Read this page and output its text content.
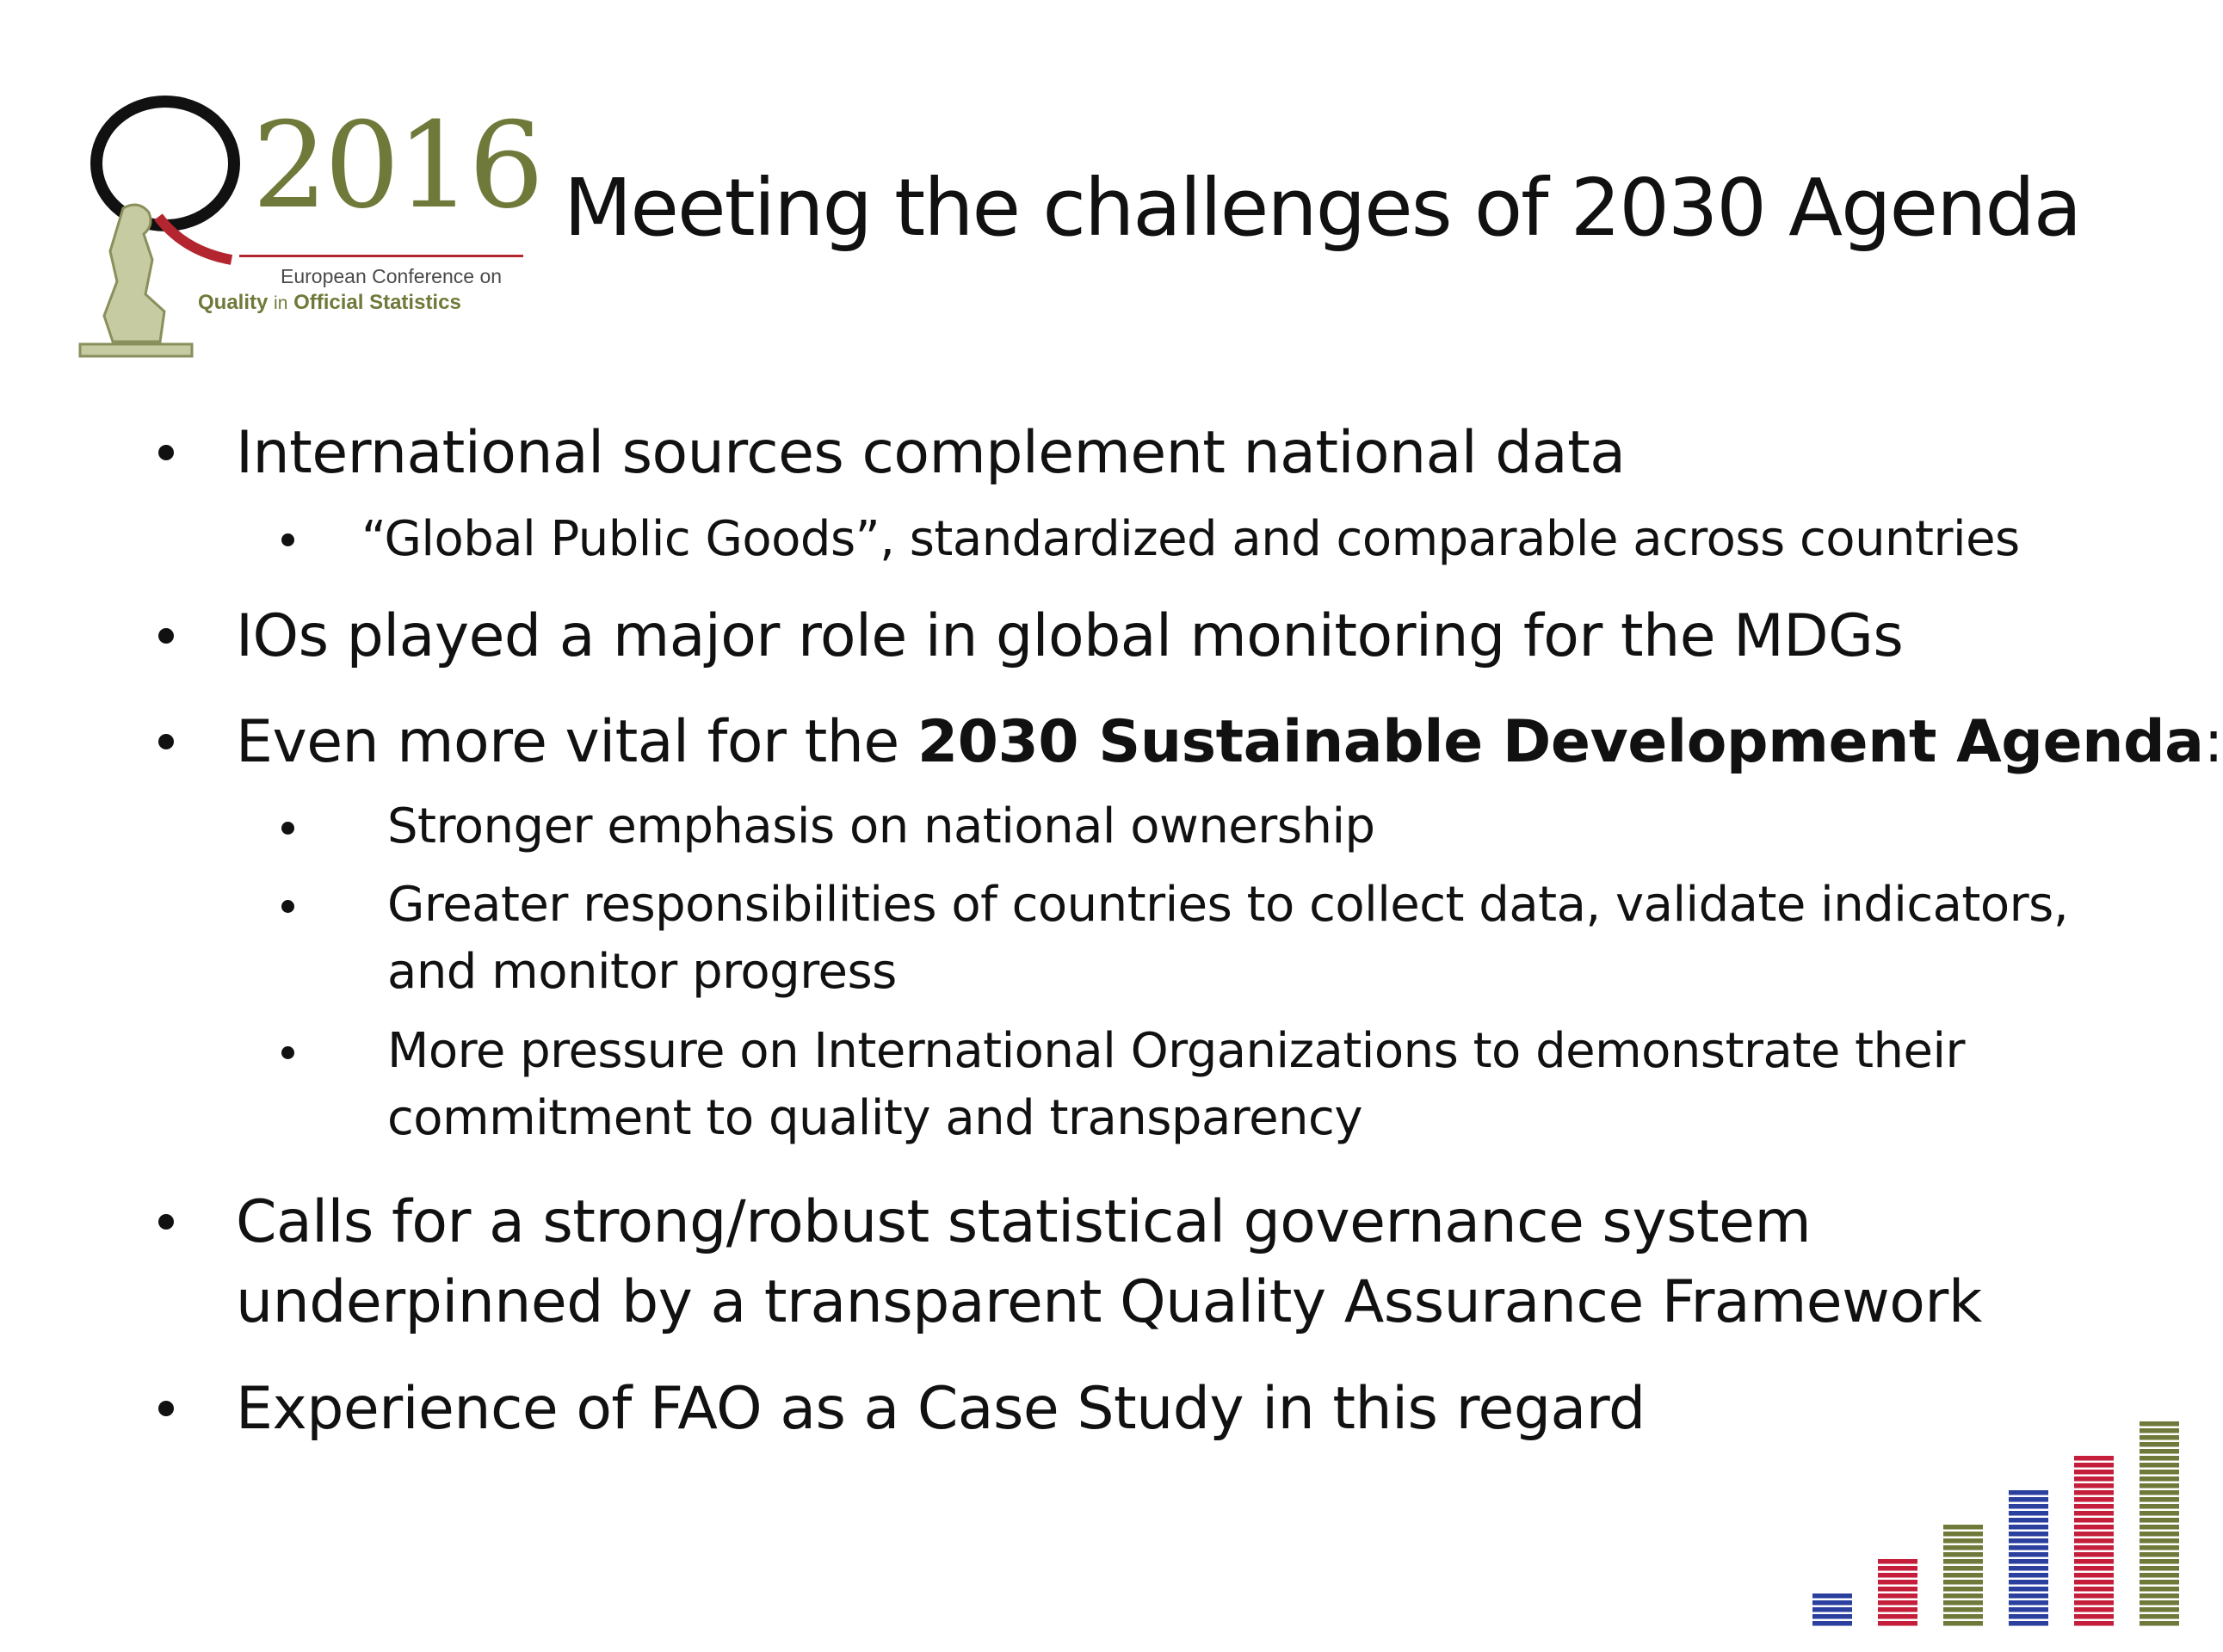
2016
European Conference on
Quality in Official Statistics
Meeting the challenges of 2030 Agenda
International sources complement national data
“Global Public Goods”, standardized and comparable across countries
IOs played a major role in global monitoring for the MDGs
Even more vital for the 2030 Sustainable Development Agenda:
Stronger emphasis on national ownership
Greater responsibilities of countries to collect data, validate indicators,
and monitor progress
More pressure on International Organizations to demonstrate their
commitment to quality and transparency
Calls for a strong/robust statistical governance system
underpinned by a transparent Quality Assurance Framework
Experience of FAO as a Case Study in this regard
